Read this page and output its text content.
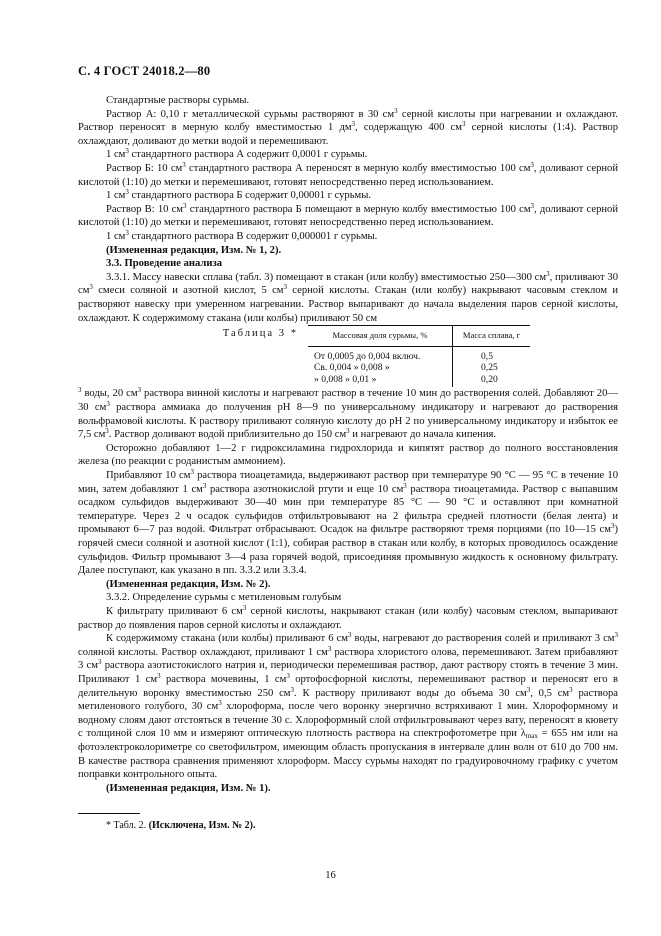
С. 4 ГОСТ 24018.2—80

Стандартные растворы сурьмы.

Раствор А: 0,10 г металлической сурьмы растворяют в 30 $см^3$ серной кислоты при нагревании и охлаждают. Раствор переносят в мерную колбу вместимостью 1 $дм^3$, содержащую 400 $см^3$ серной кислоты (1:4). Раствор охлаждают, доливают до метки водой и перемешивают.

1 $см^3$ стандартного раствора А содержит 0,0001 г сурьмы.

Раствор Б: 10 $см^3$ стандартного раствора А переносят в мерную колбу вместимостью 100 $см^3$, доливают серной кислотой (1:10) до метки и перемешивают, готовят непосредственно перед использованием.

1 $см^3$ стандартного раствора Б содержит 0,00001 г сурьмы.

Раствор В: 10 $см^3$ стандартного раствора Б помещают в мерную колбу вместимостью 100 $см^3$, доливают серной кислотой (1:10) до метки и перемешивают, готовят непосредственно перед использованием.

1 $см^3$ стандартного раствора В содержит 0,000001 г сурьмы.

(Измененная редакция, Изм. № 1, 2).

3.3. Проведение анализа

3.3.1. Массу навески сплава (табл. 3) помещают в стакан (или колбу) вместимостью 250—300 $см^3$, приливают 30 $см^3$ смеси соляной и азотной кислот, 5 $см^3$ серной кислоты. Стакан (или колбу) накрывают часовым стеклом и растворяют навеску при умеренном нагревании. Раствор выпаривают до начала выделения паров серной кислоты, охлаждают. К содержимому стакана (или колбы) приливают 50 см

Таблица 3 *	Массовая доля сурьмы, %	Масса сплава, г
От 0,0005 до 0,004 включ.	0,5
Св. 0,004 » 0,008 »	0,25
» 0,008 » 0,01 »	0,20
$^3$ воды, 20 $см^3$ раствора винной кислоты и нагревают раствор в течение 10 мин до растворения солей. Добавляют 20—30 $см^3$ раствора аммиака до получения pH 8—9 по универсальному индикатору и нагревают до растворения вольфрамовой кислоты. К раствору приливают соляную кислоту до pH 2 по универсальному индикатору и избыток ее 7,5 $см^3$. Раствор доливают водой приблизительно до 150 $см^3$ и нагревают до начала кипения.

Осторожно добавляют 1—2 г гидроксиламина гидрохлорида и кипятят раствор до полного восстановления железа (по реакции с роданистым аммонием).

Прибавляют 10 $см^3$ раствора тиоацетамида, выдерживают раствор при температуре 90 °С — 95 °С в течение 10 мин, затем добавляют 1 $см^3$ раствора азотнокислой ртути и еще 10 $см^3$ раствора тиоацетамида. Раствор с выпавшим осадком сульфидов выдерживают 30—40 мин при температуре 85 °С — 90 °С и оставляют при комнатной температуре. Через 2 ч осадок сульфидов отфильтровывают на 2 фильтра средней плотности (белая лента) и промывают 6—7 раз водой. Фильтрат отбрасывают. Осадок на фильтре растворяют тремя порциями (по 10—15 $см^3$) горячей смеси соляной и азотной кислот (1:1), собирая раствор в стакан или колбу, в которых проводилось осаждение сульфидов. Фильтр промывают 3—4 раза горячей водой, присоединяя промывную жидкость к основному фильтрату. Далее поступают, как указано в пп. 3.3.2 или 3.3.4.

(Измененная редакция, Изм. № 2).

3.3.2. Определение сурьмы с метиленовым голубым

К фильтрату приливают 6 $см^3$ серной кислоты, накрывают стакан (или колбу) часовым стеклом, выпаривают раствор до появления паров серной кислоты и охлаждают.

К содержимому стакана (или колбы) приливают 6 $см^3$ воды, нагревают до растворения солей и приливают 3 $см^3$ соляной кислоты. Раствор охлаждают, приливают 1 $см^3$ раствора хлористого олова, перемешивают. Затем прибавляют 3 $см^3$ раствора азотистокислого натрия и, периодически перемешивая раствор, дают раствору стоять в течение 3 мин. Приливают 1 $см^3$ раствора мочевины, 1 $см^3$ ортофосфорной кислоты, перемешивают раствор и переносят его в делительную воронку вместимостью 250 $см^3$. К раствору приливают воды до объема 30 $см^3$, 0,5 $см^3$ раствора метиленового голубого, 30 $см^3$ хлороформа, после чего воронку энергично встряхивают 1 мин. Хлороформному и водному слоям дают отстояться в течение 30 с. Хлороформный слой отфильтровывают через вату, переносят в кювету с толщиной слоя 10 мм и измеряют оптическую плотность раствора на спектрофотометре при $\lambda_{max} = 655$ нм или на фотоэлектроколориметре со светофильтром, имеющим область пропускания в интервале длин волн от 610 до 700 нм. В качестве раствора сравнения применяют хлороформ. Массу сурьмы находят по градуировочному графику с учетом поправки контрольного опыта.

(Измененная редакция, Изм. № 1).

* Табл. 2. (Исключена, Изм. № 2).
16
